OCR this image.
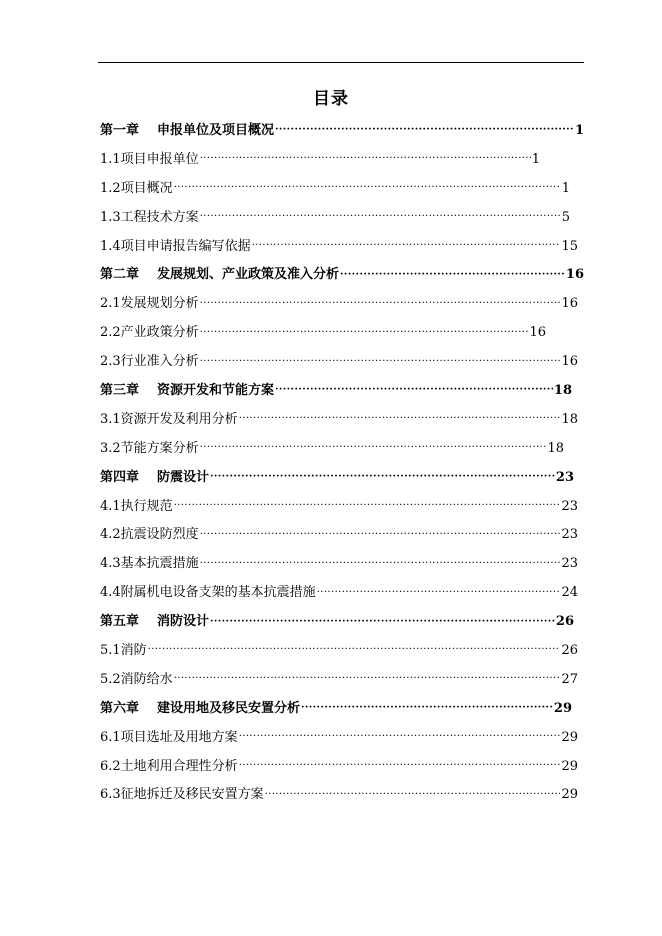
目录
第一章 申报单位及项目概况 ·····	1
1.1项目申报单位 ·····	1
1.2项目概况 ·····	1
1.3工程技术方案 ·····	5
1.4项目申请报告编写依据 ·····	15
第二章 发展规划、产业政策及准入分析 ·····	16
2.1发展规划分析 ·····	16
2.2产业政策分析 ·····	16
2.3行业准入分析 ·····	16
第三章 资源开发和节能方案 ·····	18
3.1资源开发及利用分析 ·····	18
3.2节能方案分析 ·····	18
第四章 防震设计 ·····	23
4.1执行规范 ·····	23
4.2抗震设防烈度 ·····	23
4.3基本抗震措施 ·····	23
4.4附属机电设备支架的基本抗震措施 ·····	24
第五章 消防设计 ·····	26
5.1消防 ·····	26
5.2消防给水 ·····	27
第六章 建设用地及移民安置分析 ·····	29
6.1项目选址及用地方案 ·····	29
6.2土地利用合理性分析 ·····	29
6.3征地拆迁及移民安置方案 ·····	29
